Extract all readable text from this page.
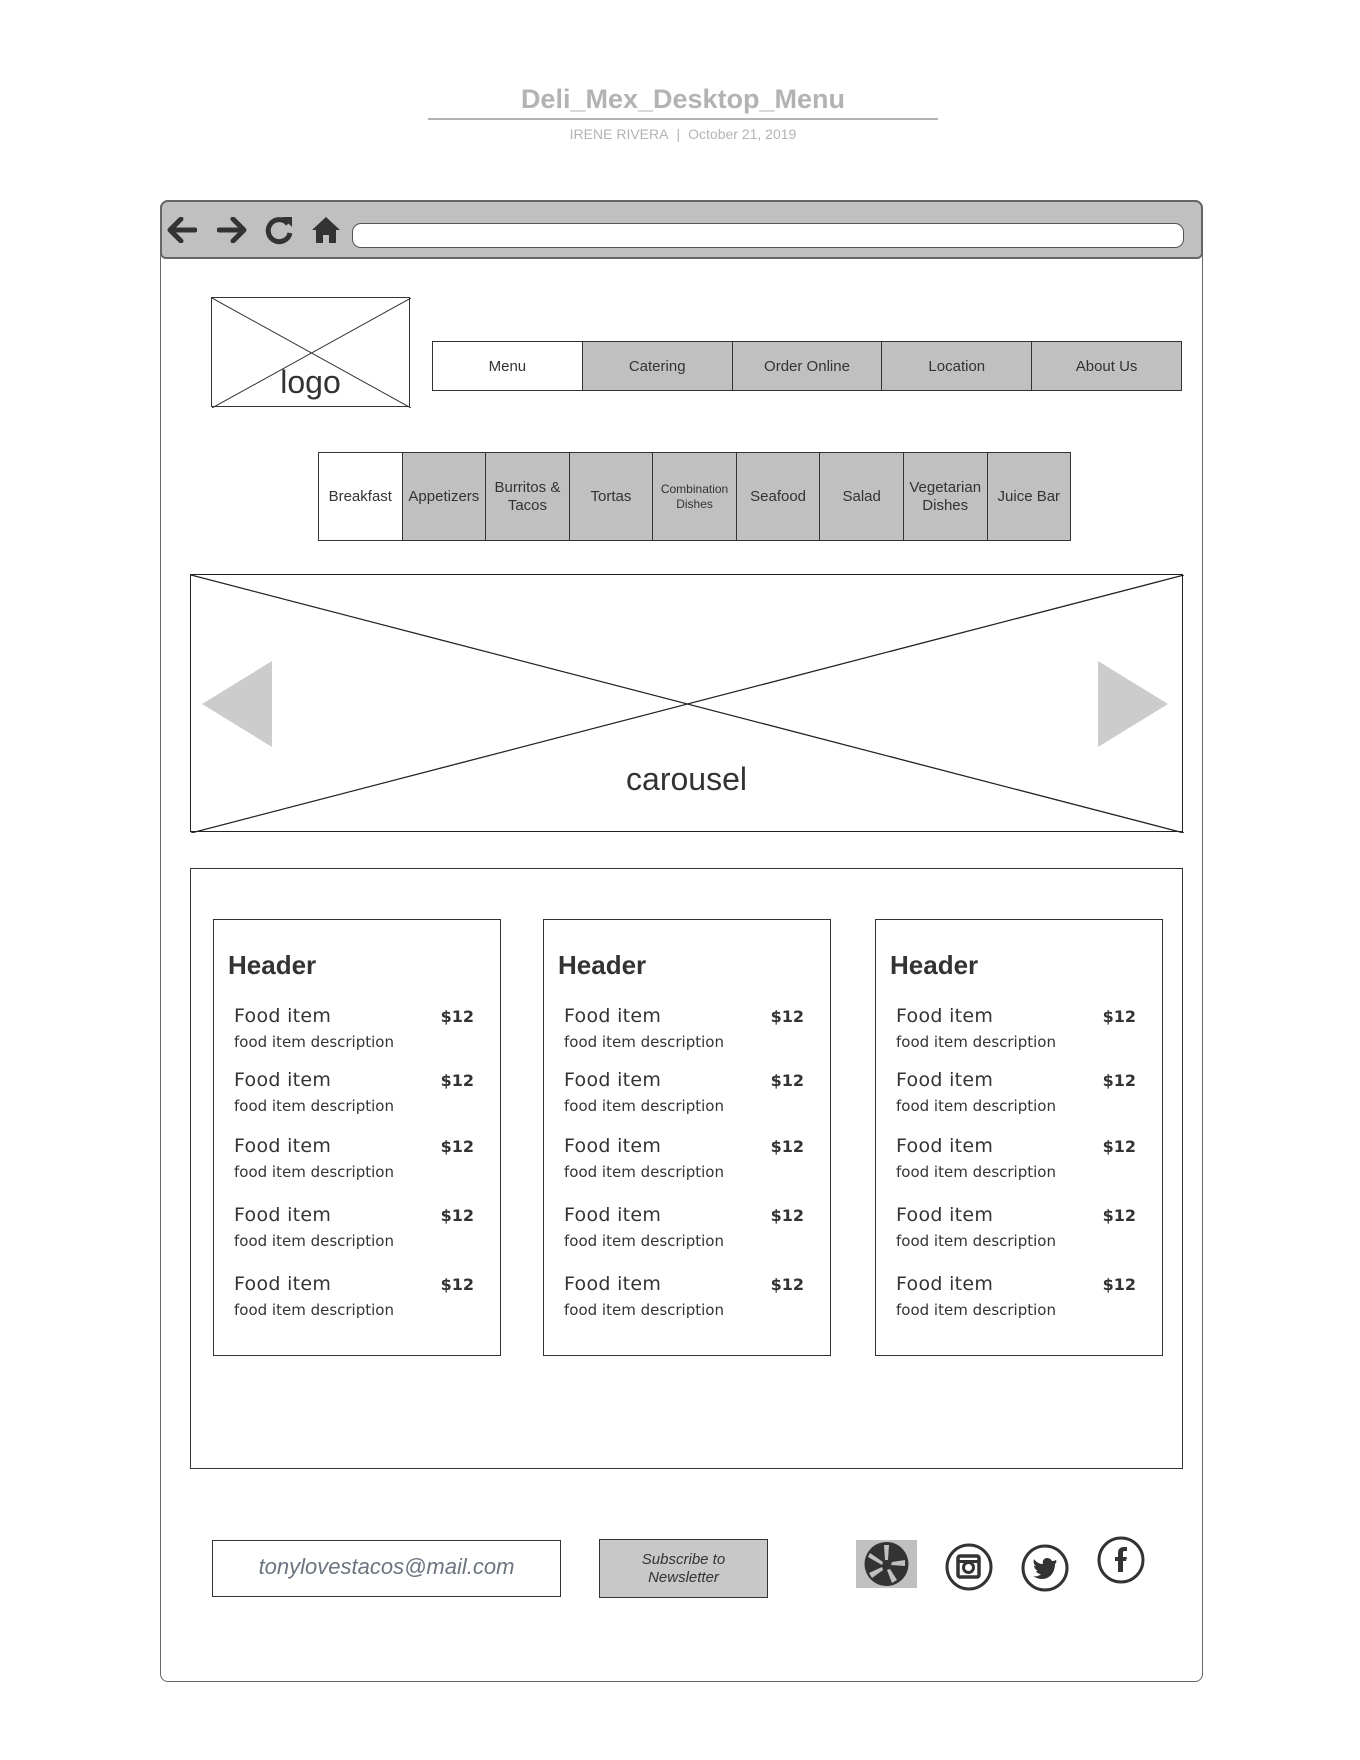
Deli_Mex_Desktop_Menu
IRENE RIVERA | October 21, 2019
logo	Menu	Catering	Order Online	Location	About Us
Breakfast	Appetizers
Burritos & Tacos
Tortas	Combination Dishes	Seafood	Salad
Vegetarian Dishes
Juice Bar
carousel
Header
Food item	$12
food item description
Food item	$12
food item description
Food item	$12
food item description
Food item	$12
food item description
Food item	$12
food item description
Header
Food item	$12
food item description
Food item	$12
food item description
Food item	$12
food item description
Food item	$12
food item description
Food item	$12
food item description
Header
Food item	$12
food item description
Food item	$12
food item description
Food item	$12
food item description
Food item	$12
food item description
Food item	$12
food item description
tonylovestacos@mail.com	Subscribe to
Newsletter
